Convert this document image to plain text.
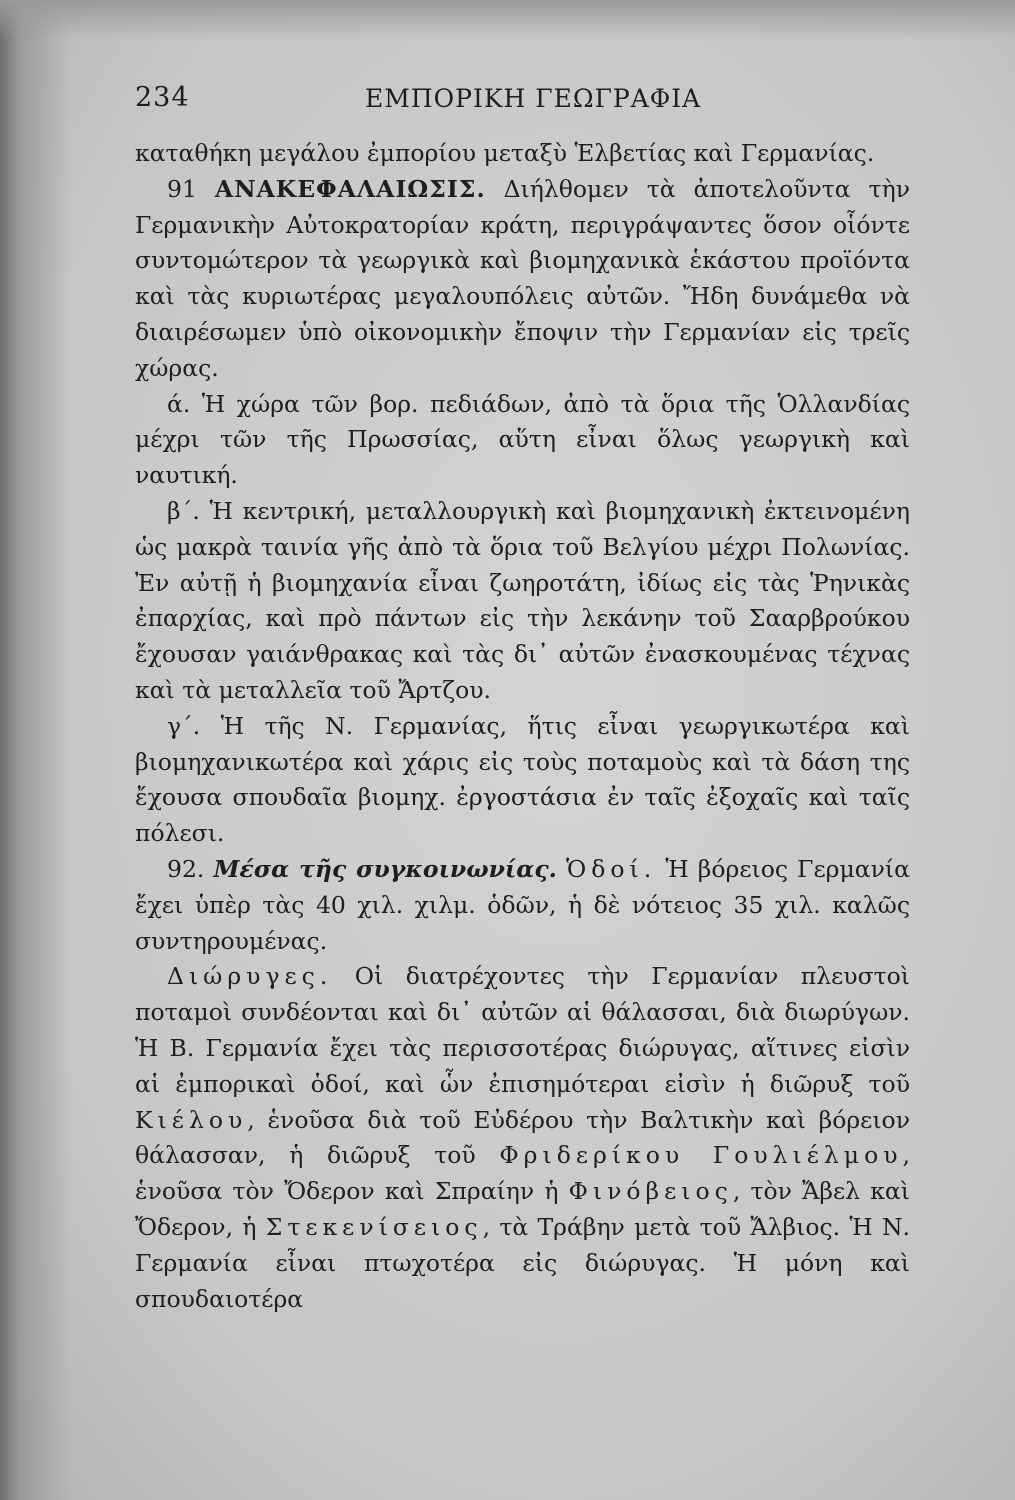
234	ΕΜΠΟΡΙΚΗ ΓΕΩΓΡΑΦΙΑ

καταθήκη μεγάλου ἐμπορίου μεταξὺ Ἑλβετίας καὶ Γερμανίας.

91 ΑΝΑΚΕΦΑΛΑΙΩΣΙΣ. Διήλθομεν τὰ ἀποτελοῦντα τὴν Γερμανικὴν Αὐτοκρατορίαν κράτη, περιγράψαντες ὅσον οἷόντε συντομώτερον τὰ γεωργικὰ καὶ βιομηχανικὰ ἑκάστου προϊόντα καὶ τὰς κυριωτέρας μεγαλουπόλεις αὐτῶν. Ἤδη δυνάμεθα νὰ διαιρέσωμεν ὑπὸ οἰκονομικὴν ἔποψιν τὴν Γερμανίαν εἰς τρεῖς χώρας.

ά. Ἡ χώρα τῶν βορ. πεδιάδων, ἀπὸ τὰ ὅρια τῆς Ὁλλανδίας μέχρι τῶν τῆς Πρωσσίας, αὕτη εἶναι ὅλως γεωργικὴ καὶ ναυτική.

β΄. Ἡ κεντρική, μεταλλουργικὴ καὶ βιομηχανικὴ ἐκτεινομένη ὡς μακρὰ ταινία γῆς ἀπὸ τὰ ὅρια τοῦ Βελγίου μέχρι Πολωνίας. Ἐν αὐτῇ ἡ βιομηχανία εἶναι ζωηροτάτη, ἰδίως εἰς τὰς Ῥηνικὰς ἐπαρχίας, καὶ πρὸ πάντων εἰς τὴν λεκάνην τοῦ Σααρβρούκου ἔχουσαν γαιάνθρακας καὶ τὰς δι᾽ αὐτῶν ἐνασκουμένας τέχνας καὶ τὰ μεταλλεῖα τοῦ Ἄρτζου.

γ΄. Ἡ τῆς Ν. Γερμανίας, ἥτις εἶναι γεωργικωτέρα καὶ βιομηχανικωτέρα καὶ χάρις εἰς τοὺς ποταμοὺς καὶ τὰ δάση της ἔχουσα σπουδαῖα βιομηχ. ἐργοστάσια ἐν ταῖς ἐξοχαῖς καὶ ταῖς πόλεσι.

92. Μέσα τῆς συγκοινωνίας. Ὁδοί. Ἡ βόρειος Γερμανία ἔχει ὑπὲρ τὰς 40 χιλ. χιλμ. ὁδῶν, ἡ δὲ νότειος 35 χιλ. καλῶς συντηρουμένας.

Διώρυγες. Οἱ διατρέχοντες τὴν Γερμανίαν πλευστοὶ ποταμοὶ συνδέονται καὶ δι᾽ αὐτῶν αἱ θάλασσαι, διὰ διωρύγων. Ἡ Β. Γερμανία ἔχει τὰς περισσοτέρας διώρυγας, αἵτινες εἰσὶν αἱ ἐμπορικαὶ ὁδοί, καὶ ὧν ἐπισημότεραι εἰσὶν ἡ διῶρυξ τοῦ Κιέλου, ἑνοῦσα διὰ τοῦ Εὐδέρου τὴν Βαλτικὴν καὶ βόρειον θάλασσαν, ἡ διῶρυξ τοῦ Φριδερίκου Γουλιέλμου, ἑνοῦσα τὸν Ὄδερον καὶ Σπραίην ἡ Φινόβειος, τὸν Ἄβελ καὶ Ὄδερον, ἡ Στεκενίσειος, τὰ Τράβην μετὰ τοῦ Ἄλβιος. Ἡ Ν. Γερμανία εἶναι πτωχοτέρα εἰς διώρυγας. Ἡ μόνη καὶ σπουδαιοτέρα
